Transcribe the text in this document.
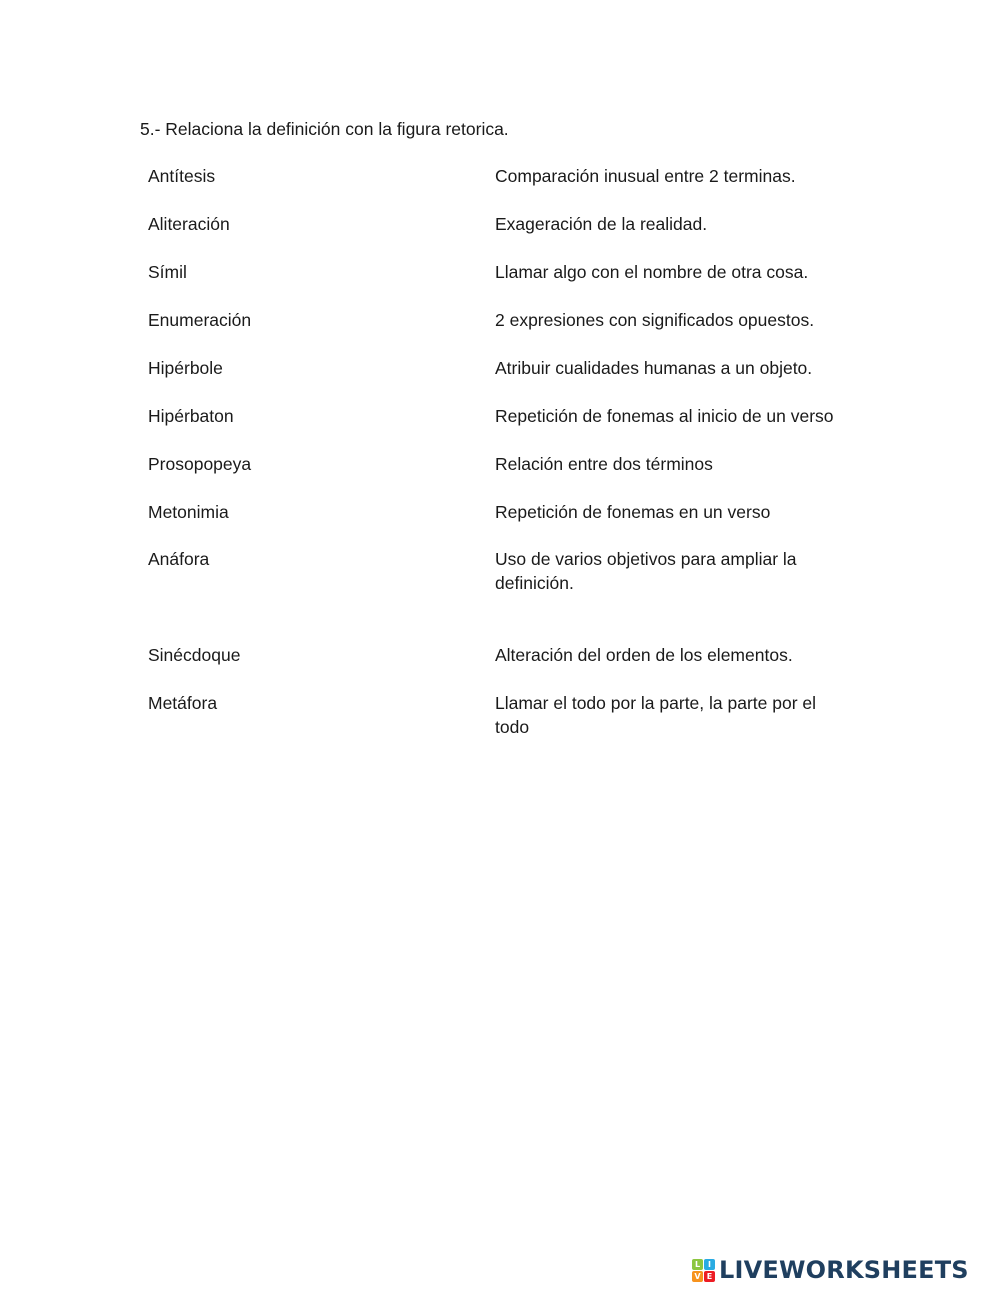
5.- Relaciona la definición con la figura retorica.
Antítesis	Comparación inusual entre 2 terminas.
Aliteración	Exageración de la realidad.
Símil	Llamar algo con el nombre de otra cosa.
Enumeración	2 expresiones con significados opuestos.
Hipérbole	Atribuir cualidades humanas a un objeto.
Hipérbaton	Repetición de fonemas al inicio de un verso
Prosopopeya	Relación entre dos términos
Metonimia	Repetición de fonemas en un verso
Anáfora	Uso de varios objetivos para ampliar la definición.
Sinécdoque	Alteración del orden de los elementos.
Metáfora	Llamar el todo por la parte, la parte por el todo
L I
V E LIVEWORKSHEETS
